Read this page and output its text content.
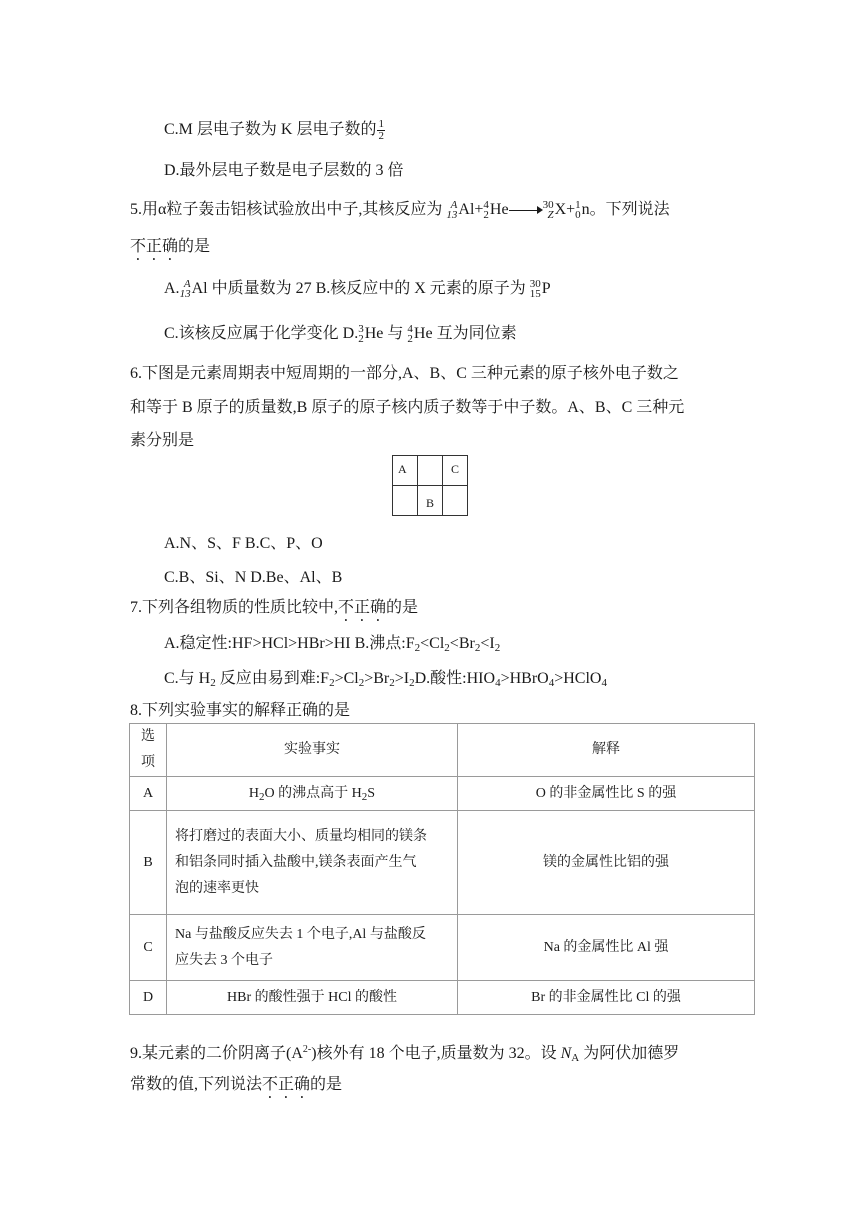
C.M 层电子数为 K 层电子数的 $\frac{1}{2}$
D.最外层电子数是电子层数的 3 倍
5.用α粒子轰击铝核试验放出中子,其核反应为 A
13 Al+ 4
2 He	30
Z X+ 1
0 n。下列说法
不正确的是
A. A
13 Al 中质量数为 27 B.核反应中的 X 元素的原子为 30
15 P
C.该核反应属于化学变化 D. 3
2 He 与 4
2 He 互为同位素
6.下图是元素周期表中短周期的一部分,A、B、C 三种元素的原子核外电子数之
和等于 B 原子的质量数,B 原子的原子核内质子数等于中子数。A、B、C 三种元
素分别是
A		C
	B	
A.N、S、F B.C、P、O
C.B、Si、N D.Be、Al、B
7.下列各组物质的性质比较中,不正确的是
A.稳定性:HF>HCl>HBr>HI B.沸点$:F_2<Cl_2<Br_2<I_2$
C.与 $H_2$ 反应由易到难$:F_2>Cl_2>Br_2>I_2D$.酸性$:HIO_4>HBrO_4>HClO_4$
8.下列实验事实的解释正确的是
选项	实验事实	解释
A	$H_2O$ 的沸点高于 $H_2S$	O 的非金属性比 S 的强
B	将打磨过的表面大小、质量均相同的镁条
和铝条同时插入盐酸中,镁条表面产生气
泡的速率更快	镁的金属性比铝的强
C	Na 与盐酸反应失去 1 个电子,Al 与盐酸反
应失去 3 个电子	Na 的金属性比 Al 强
D	HBr 的酸性强于 HCl 的酸性	Br 的非金属性比 Cl 的强
9.某元素的二价阴离子$(A^{2-})$核外有 18 个电子,质量数为 32。设 $N_A$ 为阿伏加德罗
常数的值,下列说法不正确的是
